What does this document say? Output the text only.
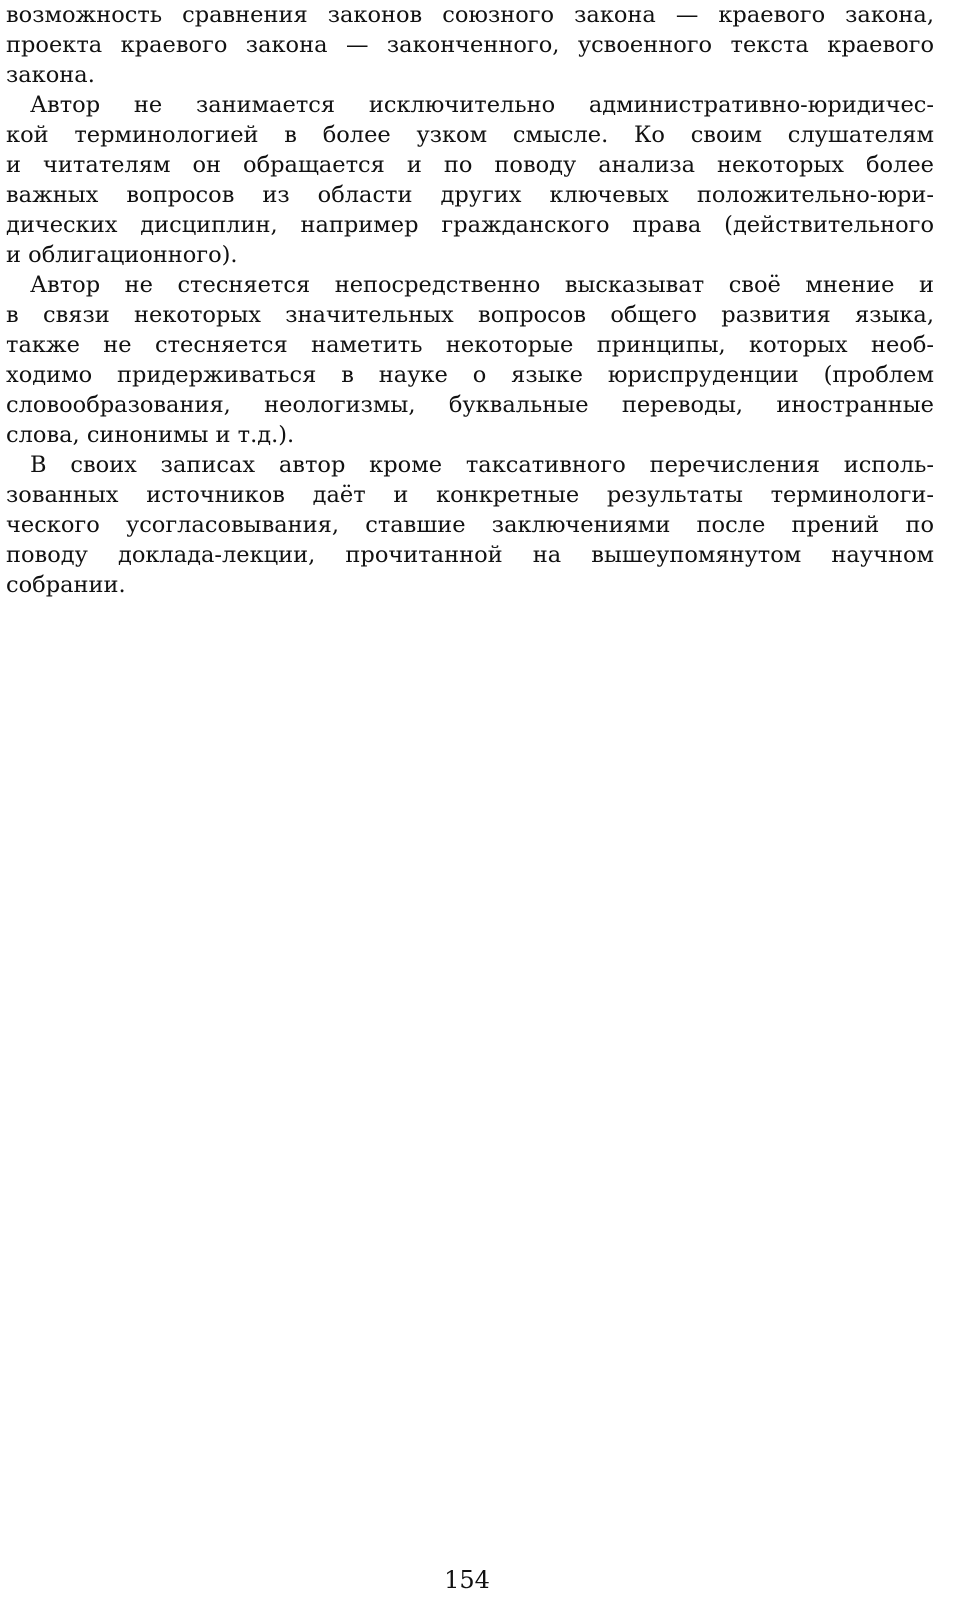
возможность сравнения законов союзного закона — краевого закона,
проекта краевого закона — законченного, усвоенного текста краевого
закона.
Автор не занимается исключительно административно-юридичес-
кой терминологией в более узком смысле. Ко своим слушателям
и читателям он обращается и по поводу анализа некоторых более
важных вопросов из области других ключевых положительно-юри-
дических дисциплин, например гражданского права (действительного
и облигационного).
Автор не стесняется непосредственно высказыват своё мнение и
в связи некоторых значительных вопросов общего развития языка,
также не стесняется наметить некоторые принципы, которых необ-
ходимо придерживаться в науке о языке юриспруденции (проблем
словообразования, неологизмы, буквальные переводы, иностранные
слова, синонимы и т.д.).
В своих записах автор кроме таксативного перечисления исполь-
зованных источников даёт и конкретные результаты терминологи-
ческого усогласовывания, ставшие заключениями после прений по
поводу доклада-лекции, прочитанной на вышеупомянутом научном
собрании.
154
